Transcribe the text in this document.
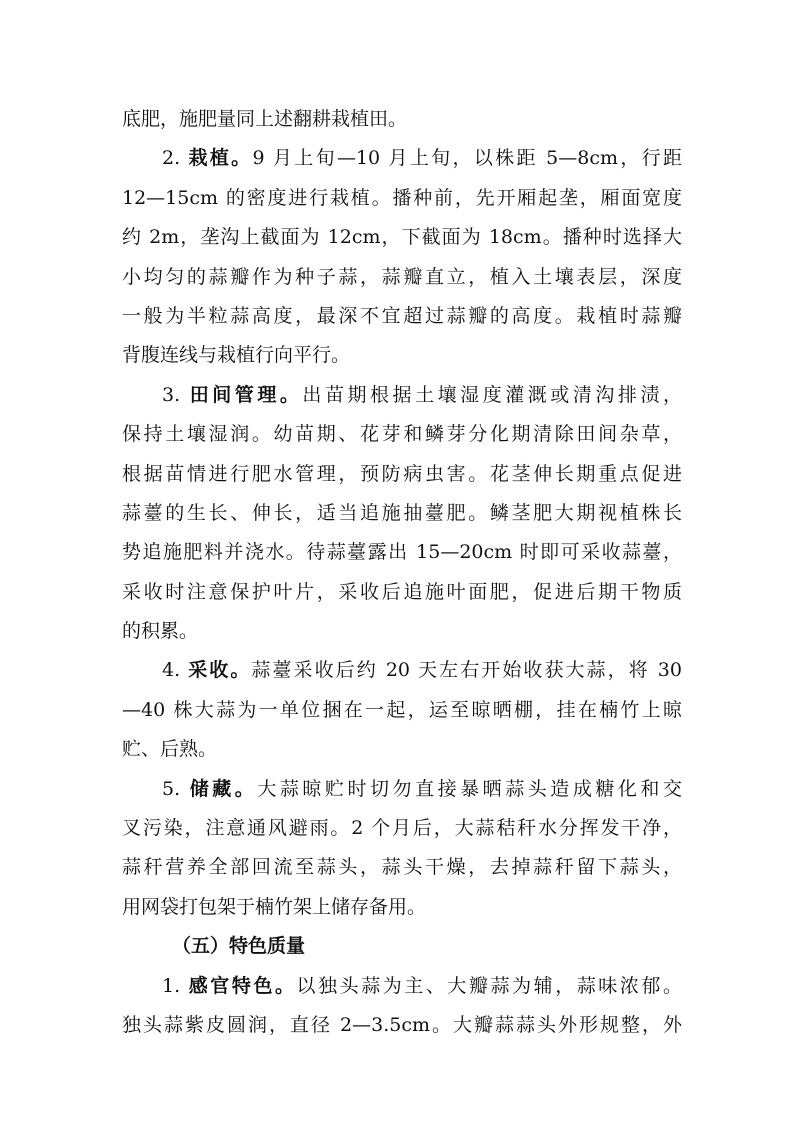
底肥，施肥量同上述翻耕栽植田。
2. 栽植。9 月上旬—10 月上旬，以株距 5—8cm，行距
12—15cm 的密度进行栽植。播种前，先开厢起垄，厢面宽度
约 2m，垄沟上截面为 12cm，下截面为 18cm。播种时选择大
小均匀的蒜瓣作为种子蒜，蒜瓣直立，植入土壤表层，深度
一般为半粒蒜高度，最深不宜超过蒜瓣的高度。栽植时蒜瓣
背腹连线与栽植行向平行。
3. 田间管理。出苗期根据土壤湿度灌溉或清沟排渍，
保持土壤湿润。幼苗期、花芽和鳞芽分化期清除田间杂草，
根据苗情进行肥水管理，预防病虫害。花茎伸长期重点促进
蒜薹的生长、伸长，适当追施抽薹肥。鳞茎肥大期视植株长
势追施肥料并浇水。待蒜薹露出 15—20cm 时即可采收蒜薹，
采收时注意保护叶片，采收后追施叶面肥，促进后期干物质
的积累。
4. 采收。蒜薹采收后约 20 天左右开始收获大蒜，将 30
—40 株大蒜为一单位捆在一起，运至晾晒棚，挂在楠竹上晾
贮、后熟。
5. 储藏。大蒜晾贮时切勿直接暴晒蒜头造成糖化和交
叉污染，注意通风避雨。2 个月后，大蒜秸秆水分挥发干净，
蒜秆营养全部回流至蒜头，蒜头干燥，去掉蒜秆留下蒜头，
用网袋打包架于楠竹架上储存备用。
（五）特色质量
1. 感官特色。以独头蒜为主、大瓣蒜为辅，蒜味浓郁。
独头蒜紫皮圆润，直径 2—3.5cm。大瓣蒜蒜头外形规整，外
